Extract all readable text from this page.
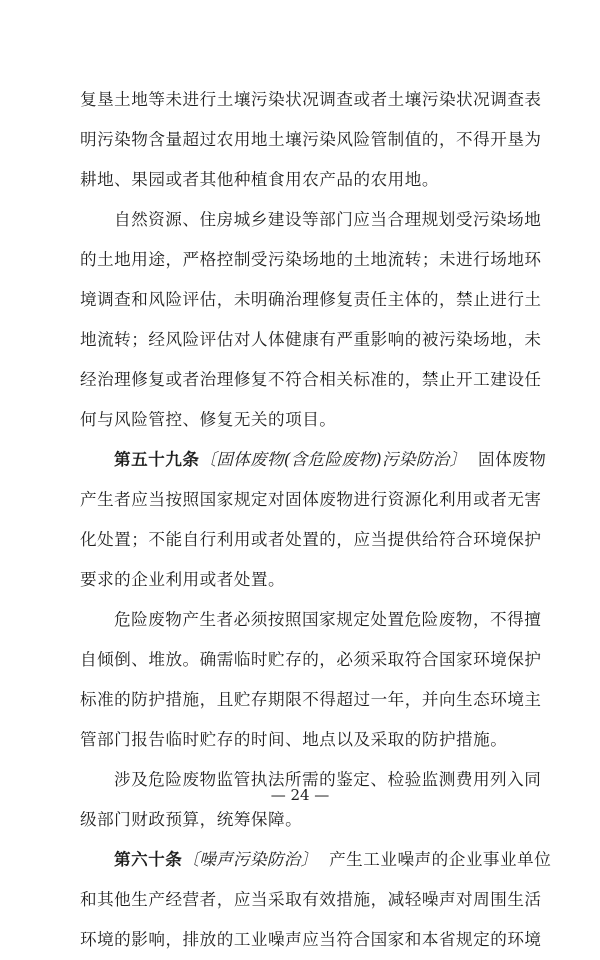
复垦土地等未进行土壤污染状况调查或者土壤污染状况调查表
明污染物含量超过农用地土壤污染风险管制值的，不得开垦为
耕地、果园或者其他种植食用农产品的农用地。
自然资源、住房城乡建设等部门应当合理规划受污染场地
的土地用途，严格控制受污染场地的土地流转；未进行场地环
境调查和风险评估，未明确治理修复责任主体的，禁止进行土
地流转；经风险评估对人体健康有严重影响的被污染场地，未
经治理修复或者治理修复不符合相关标准的，禁止开工建设任
何与风险管控、修复无关的项目。
第五十九条〔固体废物(含危险废物)污染防治〕 固体废物
产生者应当按照国家规定对固体废物进行资源化利用或者无害
化处置；不能自行利用或者处置的，应当提供给符合环境保护
要求的企业利用或者处置。
危险废物产生者必须按照国家规定处置危险废物，不得擅
自倾倒、堆放。确需临时贮存的，必须采取符合国家环境保护
标准的防护措施，且贮存期限不得超过一年，并向生态环境主
管部门报告临时贮存的时间、地点以及采取的防护措施。
涉及危险废物监管执法所需的鉴定、检验监测费用列入同
级部门财政预算，统筹保障。
第六十条〔噪声污染防治〕 产生工业噪声的企业事业单位
和其他生产经营者，应当采取有效措施，减轻噪声对周围生活
环境的影响，排放的工业噪声应当符合国家和本省规定的环境
— 24 —
